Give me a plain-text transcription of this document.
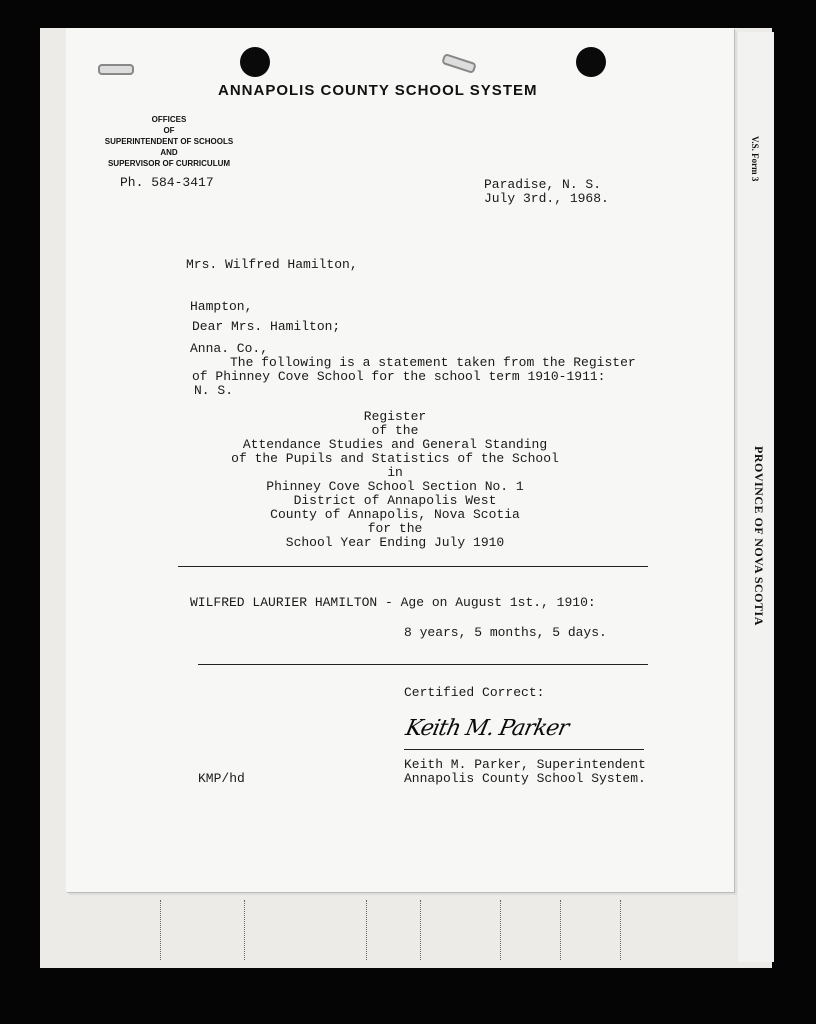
V.S. Form 3
PROVINCE OF NOVA SCOTIA
ANNAPOLIS COUNTY SCHOOL SYSTEM
OFFICES
OF
SUPERINTENDENT OF SCHOOLS
AND
SUPERVISOR OF CURRICULUM
Ph. 584-3417	Paradise, N. S.
July 3rd., 1968.

Mrs. Wilfred Hamilton,

Hampton,

Anna. Co.,

N. S.

Dear Mrs. Hamilton;
The following is a statement taken from the Register
of Phinney Cove School for the school term 1910-1911:
Register
of the
Attendance Studies and General Standing
of the Pupils and Statistics of the School
in
Phinney Cove School Section No. 1
District of Annapolis West
County of Annapolis, Nova Scotia
for the
School Year Ending July 1910
WILFRED LAURIER HAMILTON - Age on August 1st., 1910:
8 years, 5 months, 5 days.
Certified Correct:
Keith M. Parker
Keith M. Parker, Superintendent
Annapolis County School System.
KMP/hd
